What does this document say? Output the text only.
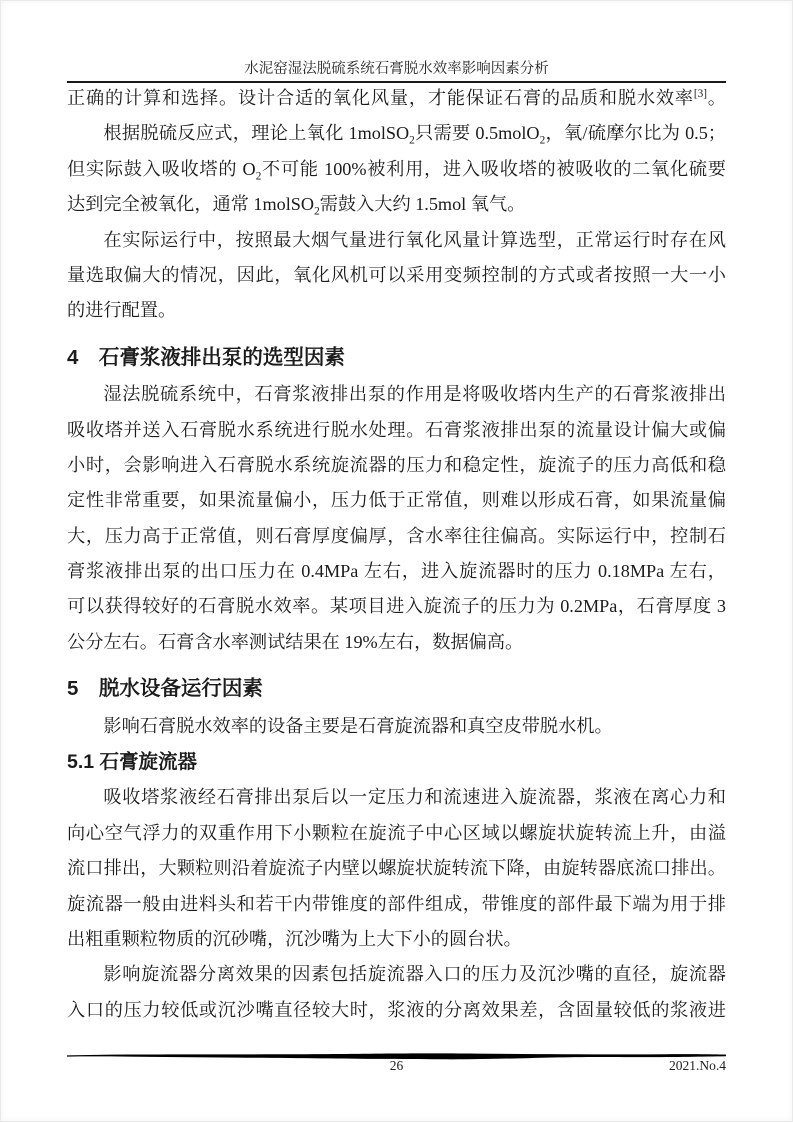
水泥窑湿法脱硫系统石膏脱水效率影响因素分析
正确的计算和选择。设计合适的氧化风量，才能保证石膏的品质和脱水效率[3]。
根据脱硫反应式，理论上氧化 1molSO$_2$只需要 0.5molO$_2$，氧/硫摩尔比为 0.5；
但实际鼓入吸收塔的 $O_2$不可能 100%被利用，进入吸收塔的被吸收的二氧化硫要
达到完全被氧化，通常 1molSO$_2$需鼓入大约 1.5mol 氧气。
在实际运行中，按照最大烟气量进行氧化风量计算选型，正常运行时存在风
量选取偏大的情况，因此，氧化风机可以采用变频控制的方式或者按照一大一小
的进行配置。
4　石膏浆液排出泵的选型因素
湿法脱硫系统中，石膏浆液排出泵的作用是将吸收塔内生产的石膏浆液排出
吸收塔并送入石膏脱水系统进行脱水处理。石膏浆液排出泵的流量设计偏大或偏
小时，会影响进入石膏脱水系统旋流器的压力和稳定性，旋流子的压力高低和稳
定性非常重要，如果流量偏小，压力低于正常值，则难以形成石膏，如果流量偏
大，压力高于正常值，则石膏厚度偏厚，含水率往往偏高。实际运行中，控制石
膏浆液排出泵的出口压力在 0.4MPa 左右，进入旋流器时的压力 0.18MPa 左右，
可以获得较好的石膏脱水效率。某项目进入旋流子的压力为 0.2MPa，石膏厚度 3
公分左右。石膏含水率测试结果在 19%左右，数据偏高。
5　脱水设备运行因素
影响石膏脱水效率的设备主要是石膏旋流器和真空皮带脱水机。
5.1 石膏旋流器
吸收塔浆液经石膏排出泵后以一定压力和流速进入旋流器，浆液在离心力和
向心空气浮力的双重作用下小颗粒在旋流子中心区域以螺旋状旋转流上升，由溢
流口排出，大颗粒则沿着旋流子内壁以螺旋状旋转流下降，由旋转器底流口排出。
旋流器一般由进料头和若干内带锥度的部件组成，带锥度的部件最下端为用于排
出粗重颗粒物质的沉砂嘴，沉沙嘴为上大下小的圆台状。
影响旋流器分离效果的因素包括旋流器入口的压力及沉沙嘴的直径，旋流器
入口的压力较低或沉沙嘴直径较大时，浆液的分离效果差，含固量较低的浆液进
26	2021.No.4
